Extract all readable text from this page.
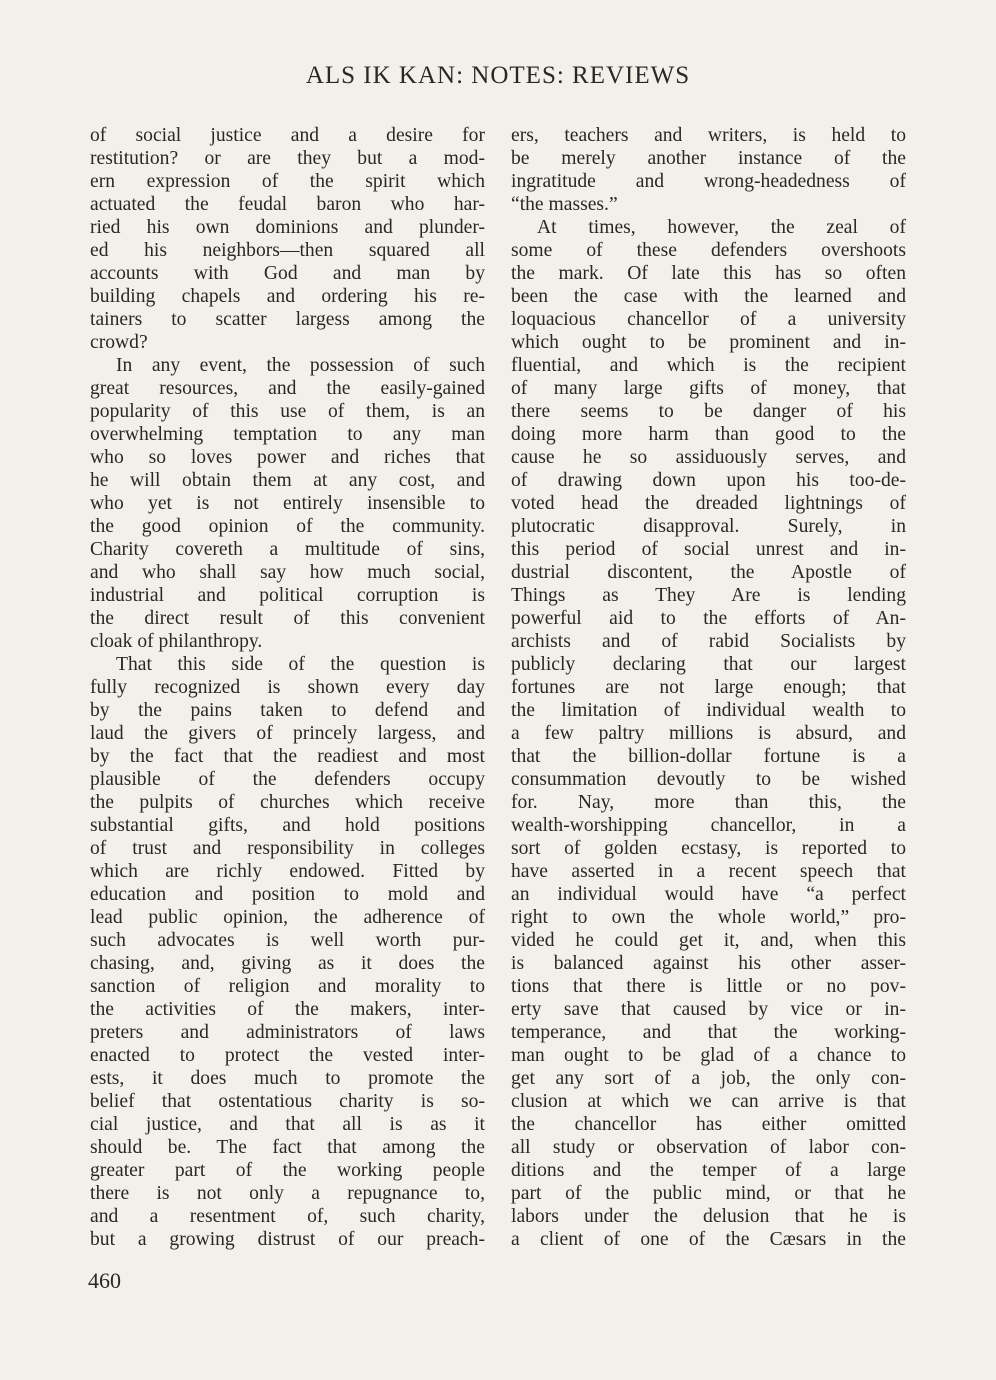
ALS IK KAN: NOTES: REVIEWS
of social justice and a desire for
restitution? or are they but a mod-
ern expression of the spirit which
actuated the feudal baron who har-
ried his own dominions and plunder-
ed his neighbors—then squared all
accounts with God and man by
building chapels and ordering his re-
tainers to scatter largess among the
crowd?
In any event, the possession of such
great resources, and the easily-gained
popularity of this use of them, is an
overwhelming temptation to any man
who so loves power and riches that
he will obtain them at any cost, and
who yet is not entirely insensible to
the good opinion of the community.
Charity covereth a multitude of sins,
and who shall say how much social,
industrial and political corruption is
the direct result of this convenient
cloak of philanthropy.
That this side of the question is
fully recognized is shown every day
by the pains taken to defend and
laud the givers of princely largess, and
by the fact that the readiest and most
plausible of the defenders occupy
the pulpits of churches which receive
substantial gifts, and hold positions
of trust and responsibility in colleges
which are richly endowed. Fitted by
education and position to mold and
lead public opinion, the adherence of
such advocates is well worth pur-
chasing, and, giving as it does the
sanction of religion and morality to
the activities of the makers, inter-
preters and administrators of laws
enacted to protect the vested inter-
ests, it does much to promote the
belief that ostentatious charity is so-
cial justice, and that all is as it
should be. The fact that among the
greater part of the working people
there is not only a repugnance to,
and a resentment of, such charity,
but a growing distrust of our preach-
ers, teachers and writers, is held to
be merely another instance of the
ingratitude and wrong-headedness of
“the masses.”
At times, however, the zeal of
some of these defenders overshoots
the mark. Of late this has so often
been the case with the learned and
loquacious chancellor of a university
which ought to be prominent and in-
fluential, and which is the recipient
of many large gifts of money, that
there seems to be danger of his
doing more harm than good to the
cause he so assiduously serves, and
of drawing down upon his too-de-
voted head the dreaded lightnings of
plutocratic disapproval. Surely, in
this period of social unrest and in-
dustrial discontent, the Apostle of
Things as They Are is lending
powerful aid to the efforts of An-
archists and of rabid Socialists by
publicly declaring that our largest
fortunes are not large enough; that
the limitation of individual wealth to
a few paltry millions is absurd, and
that the billion-dollar fortune is a
consummation devoutly to be wished
for. Nay, more than this, the
wealth-worshipping chancellor, in a
sort of golden ecstasy, is reported to
have asserted in a recent speech that
an individual would have “a perfect
right to own the whole world,” pro-
vided he could get it, and, when this
is balanced against his other asser-
tions that there is little or no pov-
erty save that caused by vice or in-
temperance, and that the working-
man ought to be glad of a chance to
get any sort of a job, the only con-
clusion at which we can arrive is that
the chancellor has either omitted
all study or observation of labor con-
ditions and the temper of a large
part of the public mind, or that he
labors under the delusion that he is
a client of one of the Cæsars in the
460
